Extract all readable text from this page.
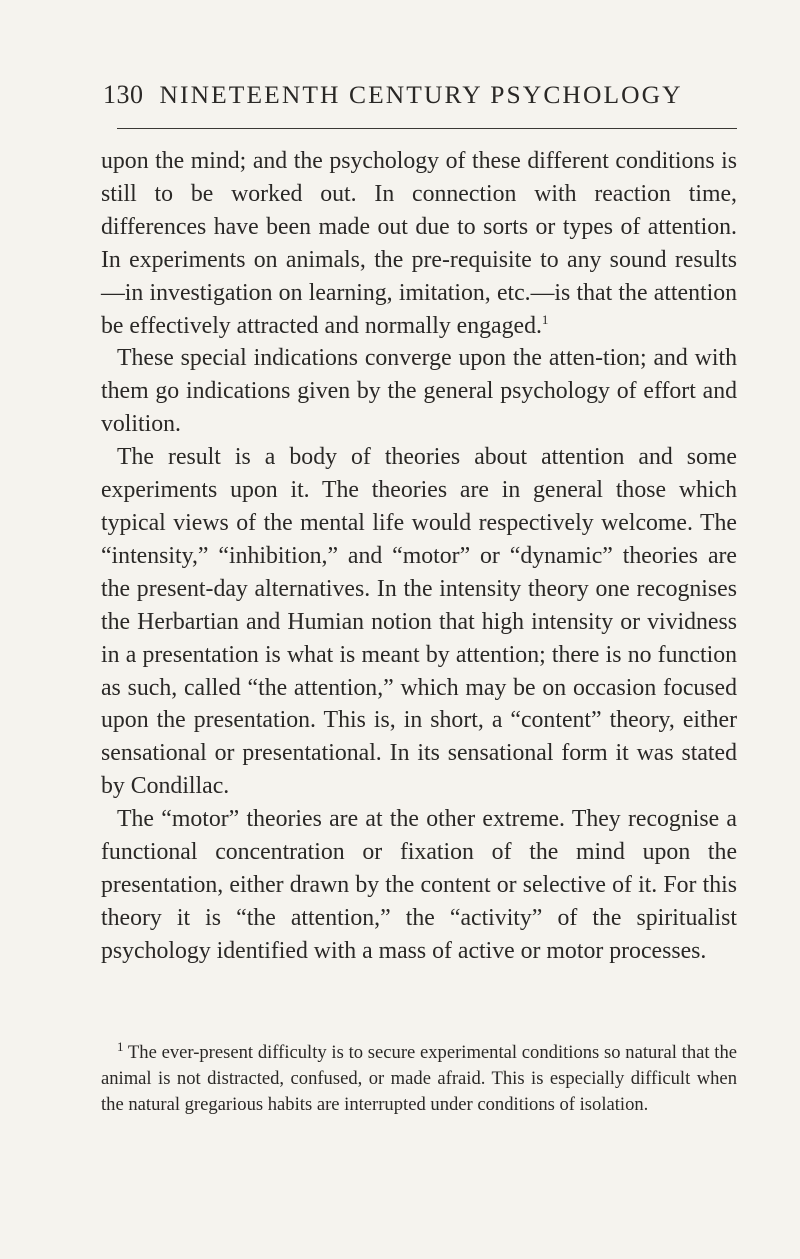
130 NINETEENTH CENTURY PSYCHOLOGY

upon the mind; and the psychology of these different conditions is still to be worked out. In connection with reaction time, differences have been made out due to sorts or types of attention. In experiments on animals, the pre-requisite to any sound results—in investigation on learning, imitation, etc.—is that the attention be effectively attracted and normally engaged.$^1$

These special indications converge upon the atten-tion; and with them go indications given by the general psychology of effort and volition.

The result is a body of theories about attention and some experiments upon it. The theories are in general those which typical views of the mental life would respectively welcome. The “intensity,” “inhibition,” and “motor” or “dynamic” theories are the present-day alternatives. In the intensity theory one recognises the Herbartian and Humian notion that high intensity or vividness in a presentation is what is meant by attention; there is no function as such, called “the attention,” which may be on occasion focused upon the presentation. This is, in short, a “content” theory, either sensational or presentational. In its sensational form it was stated by Condillac.

The “motor” theories are at the other extreme. They recognise a functional concentration or fixation of the mind upon the presentation, either drawn by the content or selective of it. For this theory it is “the attention,” the “activity” of the spiritualist psychology identified with a mass of active or motor processes.

$^1$ The ever-present difficulty is to secure experimental conditions so natural that the animal is not distracted, confused, or made afraid. This is especially difficult when the natural gregarious habits are interrupted under conditions of isolation.
